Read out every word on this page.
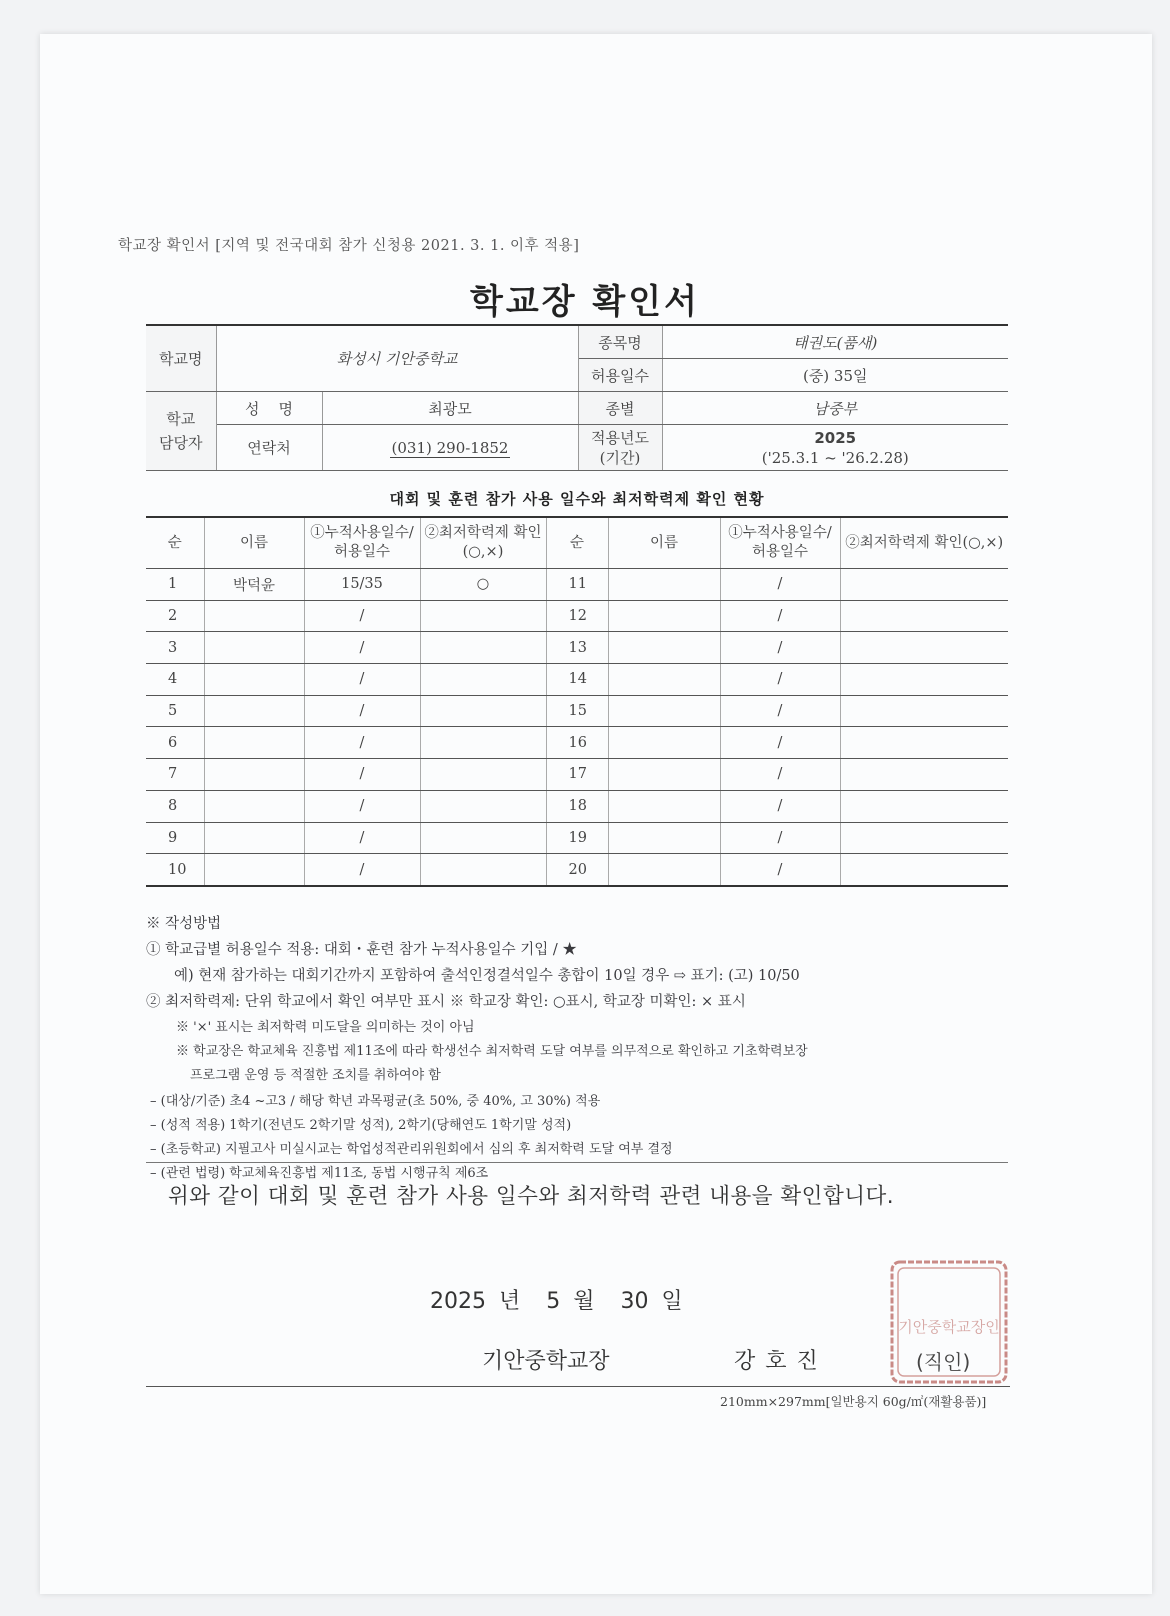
학교장 확인서 [지역 및 전국대회 참가 신청용 2021. 3. 1. 이후 적용]
학교장 확인서
학교명	화성시 기안중학교		종목명	태권도(품새)
			허용일수	(중) 35일
학교 담당자	성    명	최광모	종별	남중부
	연락처	(031) 290-1852	적용년도 (기간)	2025
('25.3.1 ~ '26.2.28)
대회 및 훈련 참가 사용 일수와 최저학력제 확인 현황
순	이름	①누적사용일수/ 허용일수	②최저학력제 확인(○,×)	순	이름	①누적사용일수/ 허용일수	②최저학력제 확인(○,×)
1	박덕윤	15/35	○	11		/	
2		/		12		/	
3		/		13		/	
4		/		14		/	
5		/		15		/	
6		/		16		/	
7		/		17		/	
8		/		18		/	
9		/		19		/	
10		/		20		/	
※ 작성방법
① 학교급별 허용일수 적용: 대회・훈련 참가 누적사용일수 기입 / ★
예) 현재 참가하는 대회기간까지 포함하여 출석인정결석일수 총합이 10일 경우 ⇨ 표기: (고) 10/50
② 최저학력제: 단위 학교에서 확인 여부만 표시 ※ 학교장 확인: ○표시, 학교장 미확인: × 표시
※ '×' 표시는 최저학력 미도달을 의미하는 것이 아님
※ 학교장은 학교체육 진흥법 제11조에 따라 학생선수 최저학력 도달 여부를 의무적으로 확인하고 기초학력보장
프로그램 운영 등 적절한 조치를 취하여야 함
– (대상/기준) 초4 ~고3 / 해당 학년 과목평균(초 50%, 중 40%, 고 30%) 적용
– (성적 적용) 1학기(전년도 2학기말 성적), 2학기(당해연도 1학기말 성적)
– (초등학교) 지필고사 미실시교는 학업성적관리위원회에서 심의 후 최저학력 도달 여부 결정
– (관련 법령) 학교체육진흥법 제11조, 동법 시행규칙 제6조
위와 같이 대회 및 훈련 참가 사용 일수와 최저학력 관련 내용을 확인합니다.
2025 년  5 월  30 일
기안중학교장	강호진
기안중학교장인
(직인)
210mm×297mm[일반용지 60g/㎡(재활용품)]
